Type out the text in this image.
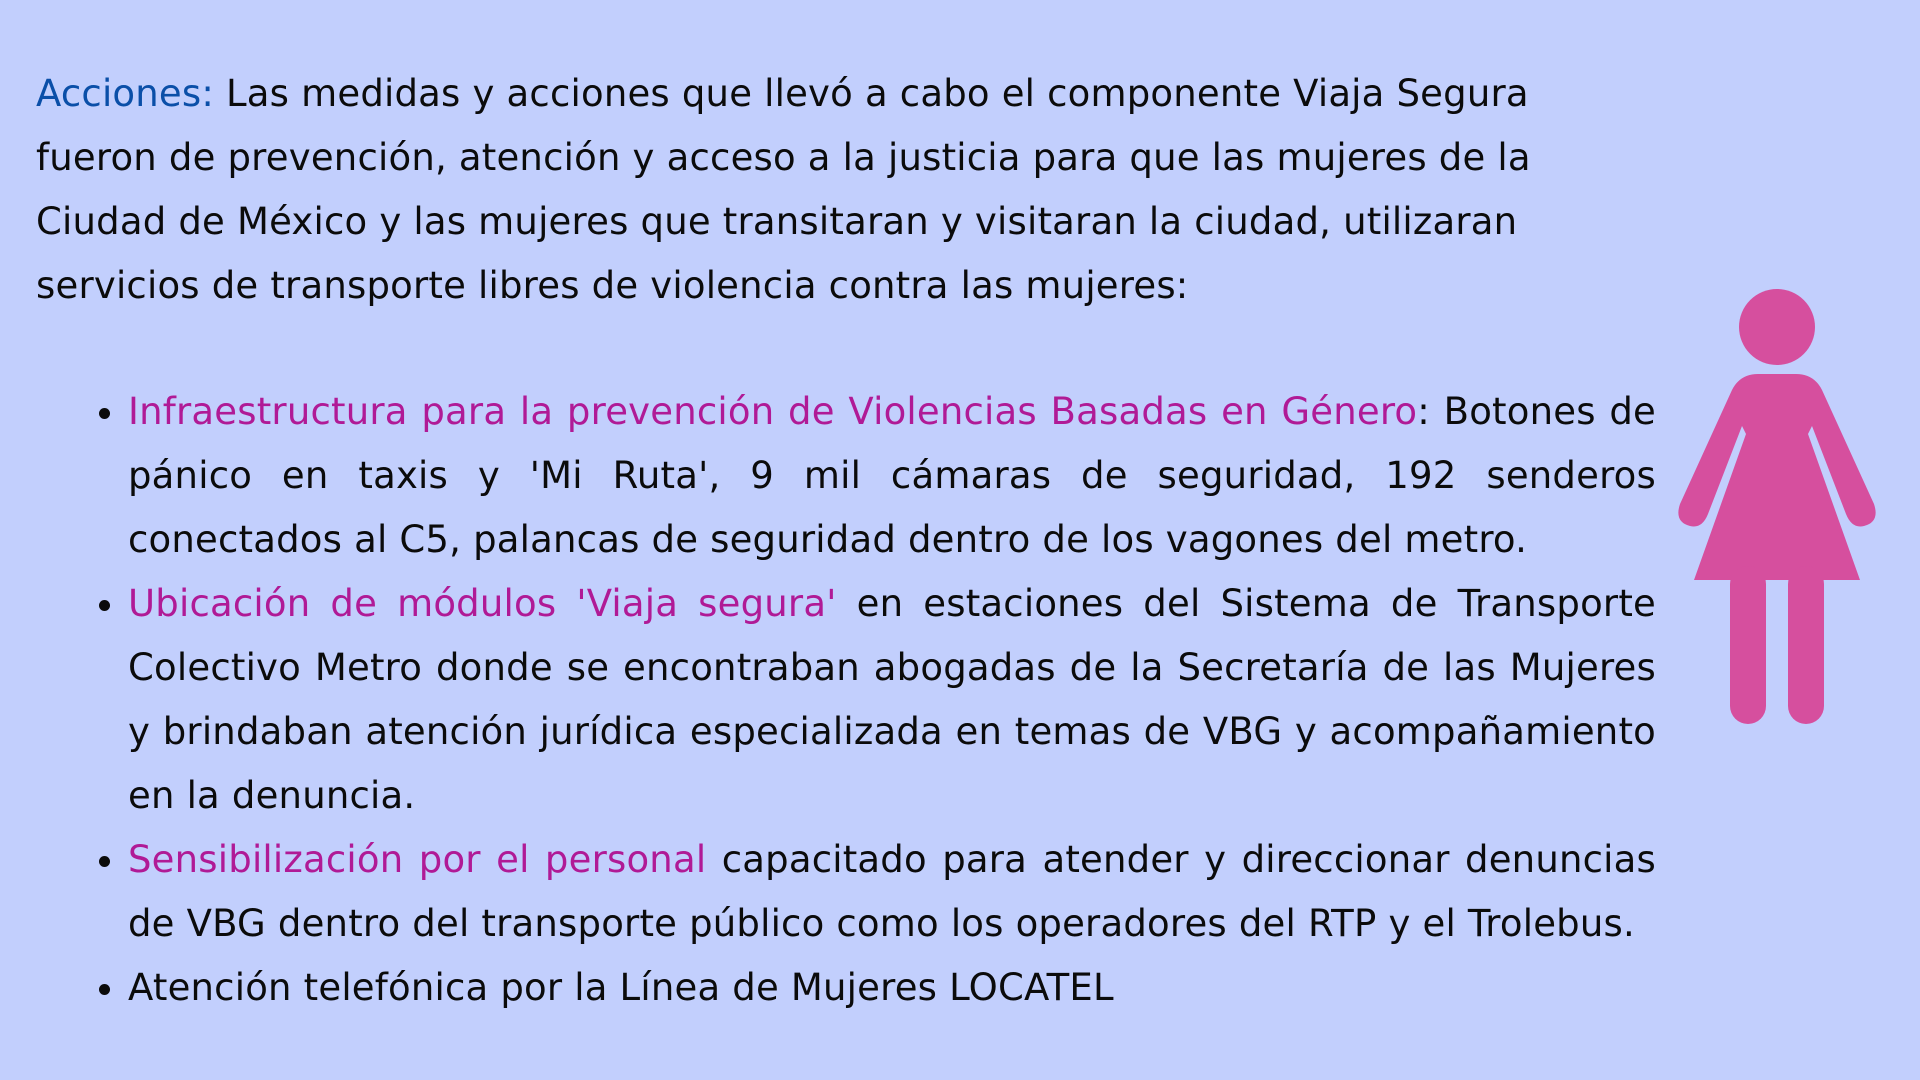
Acciones: Las medidas y acciones que llevó a cabo el componente Viaja Segura fueron de prevención, atención y acceso a la justicia para que las mujeres de la Ciudad de México y las mujeres que transitaran y visitaran la ciudad, utilizaran servicios de transporte libres de violencia contra las mujeres:

• Infraestructura para la prevención de Violencias Basadas en Género: Botones de pánico en taxis y 'Mi Ruta', 9 mil cámaras de seguridad, 192 senderos conectados al C5, palancas de seguridad dentro de los vagones del metro.
• Ubicación de módulos 'Viaja segura' en estaciones del Sistema de Transporte Colectivo Metro donde se encontraban abogadas de la Secretaría de las Mujeres y brindaban atención jurídica especializada en temas de VBG y acompañamiento en la denuncia.
• Sensibilización por el personal capacitado para atender y direccionar denuncias de VBG dentro del transporte público como los operadores del RTP y el Trolebus.
• Atención telefónica por la Línea de Mujeres LOCATEL
